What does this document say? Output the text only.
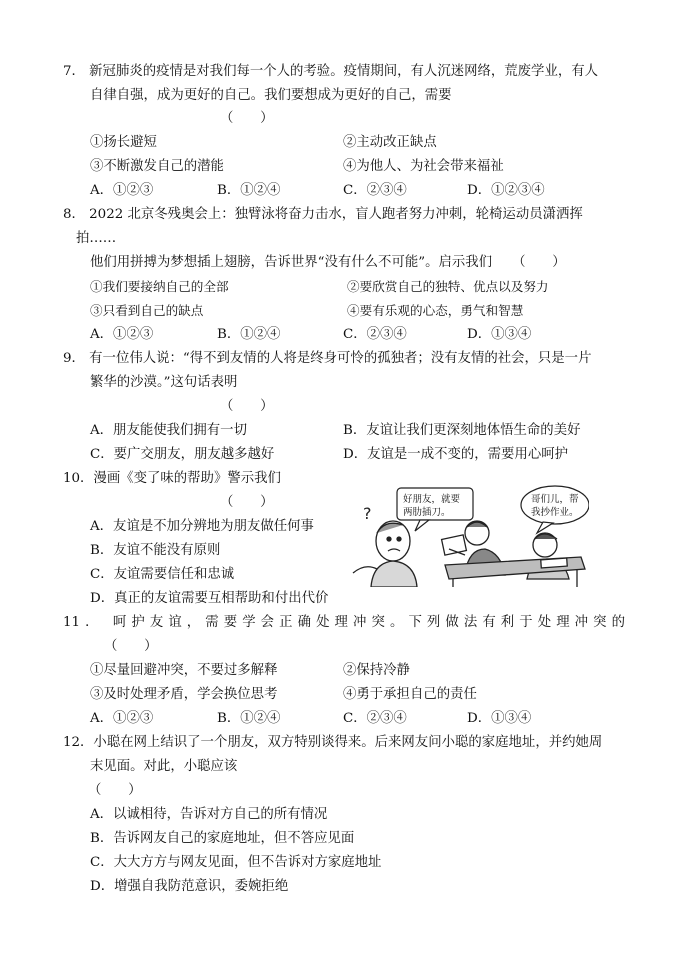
7． 新冠肺炎的疫情是对我们每一个人的考验。疫情期间，有人沉迷网络，荒废学业，有人
自律自强，成为更好的自己。我们要想成为更好的自己，需要
（　　）
①扬长避短	②主动改正缺点
③不断激发自己的潜能	④为他人、为社会带来福祉
A．①②③	B．①②④	C．②③④	D．①②③④
8． 2022 北京冬残奥会上：独臂泳将奋力击水，盲人跑者努力冲刺，轮椅运动员潇洒挥
拍……
他们用拼搏为梦想插上翅膀，告诉世界“没有什么不可能”。启示我们　　（　　）
①我们要接纳自己的全部	②要欣赏自己的独特、优点以及努力
③只看到自己的缺点	④要有乐观的心态，勇气和智慧
A．①②③	B．①②④	C．②③④	D．①③④
9． 有一位伟人说：“得不到友情的人将是终身可怜的孤独者；没有友情的社会，只是一片
繁华的沙漠。”这句话表明
（　　）
A．朋友能使我们拥有一切	B．友谊让我们更深刻地体悟生命的美好
C．要广交朋友，朋友越多越好	D．友谊是一成不变的，需要用心呵护
10．漫画《变了味的帮助》警示我们
（　　）
A．友谊是不加分辨地为朋友做任何事
B．友谊不能没有原则
C．友谊需要信任和忠诚
D．真正的友谊需要互相帮助和付出代价
好朋友，就要
两肋插刀。
哥们儿，帮
我抄作业。
?
11． 呵护友谊，需要学会正确处理冲突。下列做法有利于处理冲突的
（　　）
①尽量回避冲突，不要过多解释	②保持冷静
③及时处理矛盾，学会换位思考	④勇于承担自己的责任
A．①②③	B．①②④	C．②③④	D．①③④
12．小聪在网上结识了一个朋友，双方特别谈得来。后来网友问小聪的家庭地址，并约她周
末见面。对此，小聪应该
（　　）
A．以诚相待，告诉对方自己的所有情况
B．告诉网友自己的家庭地址，但不答应见面
C．大大方方与网友见面，但不告诉对方家庭地址
D．增强自我防范意识，委婉拒绝
